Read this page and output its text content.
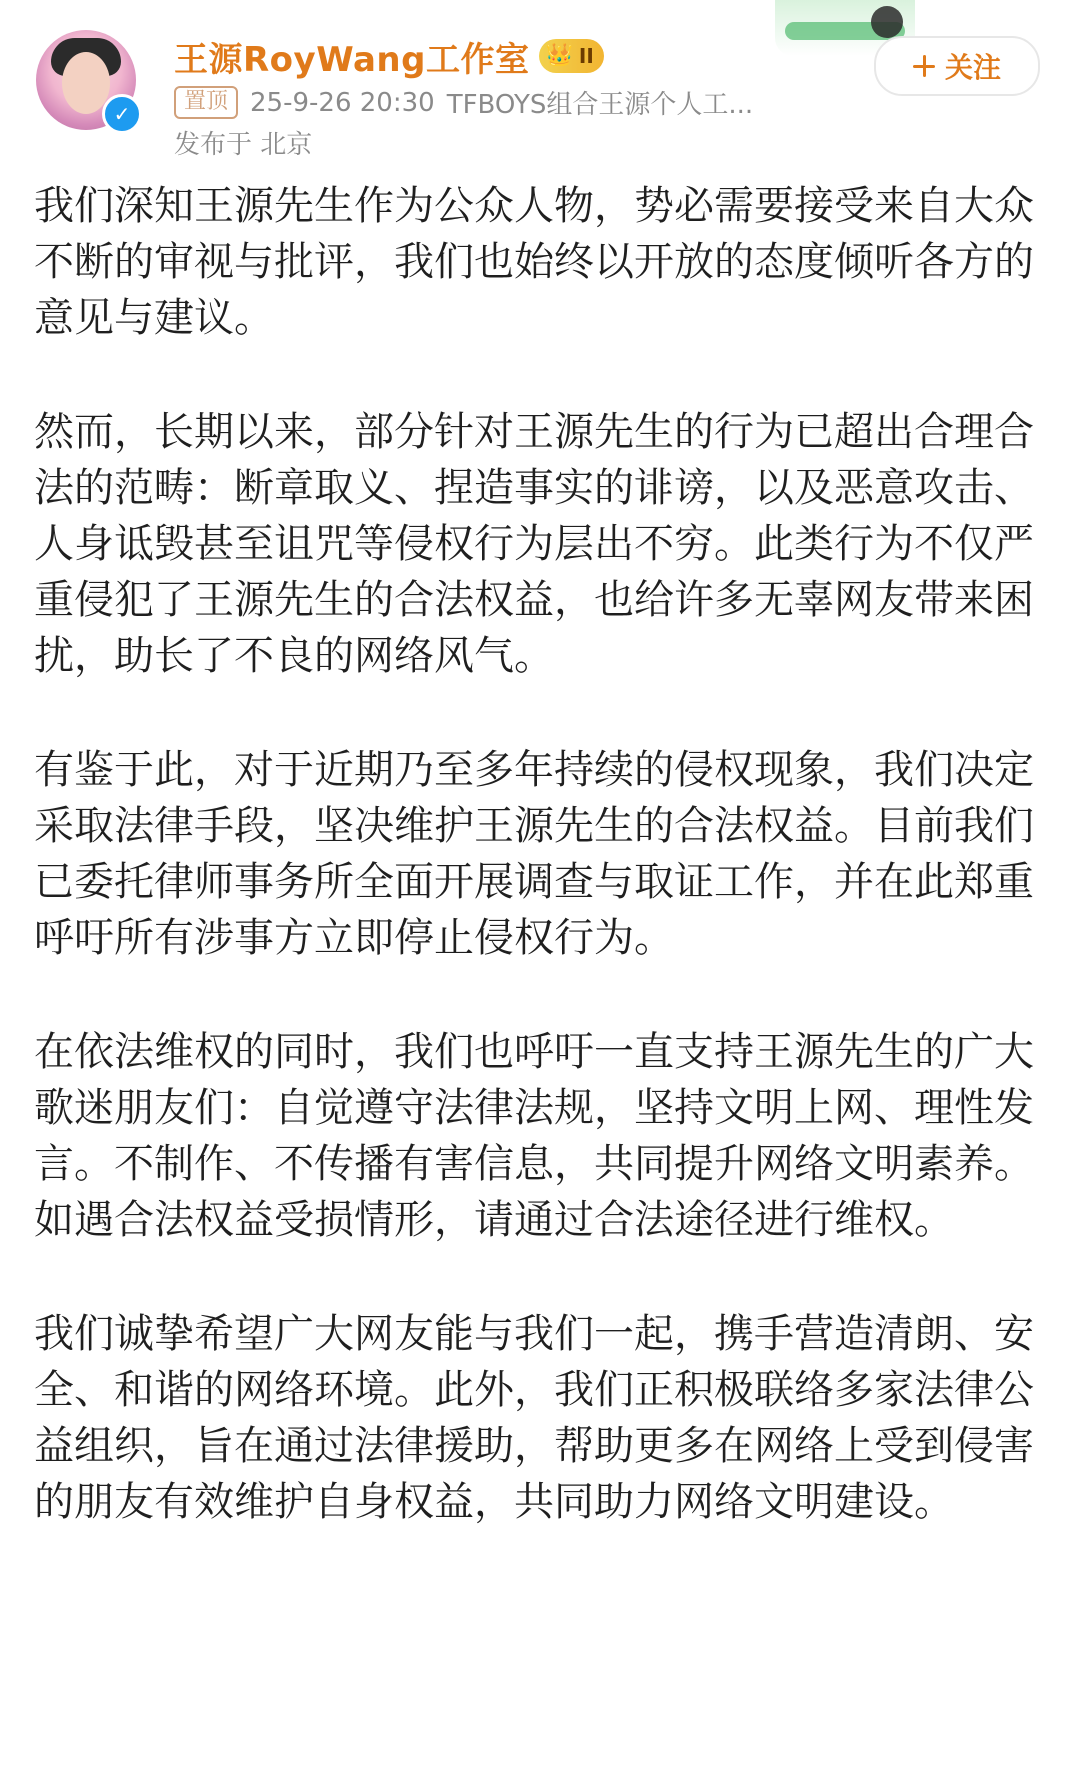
✓
王源RoyWang工作室 👑 II
置顶 25-9-26 20:30 TFBOYS组合王源个人工...
发布于 北京
关注

我们深知王源先生作为公众人物，势必需要接受来自大众不断的审视与批评，我们也始终以开放的态度倾听各方的意见与建议。

然而，长期以来，部分针对王源先生的行为已超出合理合法的范畴：断章取义、捏造事实的诽谤，以及恶意攻击、人身诋毁甚至诅咒等侵权行为层出不穷。此类行为不仅严重侵犯了王源先生的合法权益，也给许多无辜网友带来困扰，助长了不良的网络风气。

有鉴于此，对于近期乃至多年持续的侵权现象，我们决定采取法律手段，坚决维护王源先生的合法权益。目前我们已委托律师事务所全面开展调查与取证工作，并在此郑重呼吁所有涉事方立即停止侵权行为。

在依法维权的同时，我们也呼吁一直支持王源先生的广大歌迷朋友们：自觉遵守法律法规，坚持文明上网、理性发言。不制作、不传播有害信息，共同提升网络文明素养。如遇合法权益受损情形，请通过合法途径进行维权。

我们诚挚希望广大网友能与我们一起，携手营造清朗、安全、和谐的网络环境。此外，我们正积极联络多家法律公益组织，旨在通过法律援助，帮助更多在网络上受到侵害的朋友有效维护自身权益，共同助力网络文明建设。
